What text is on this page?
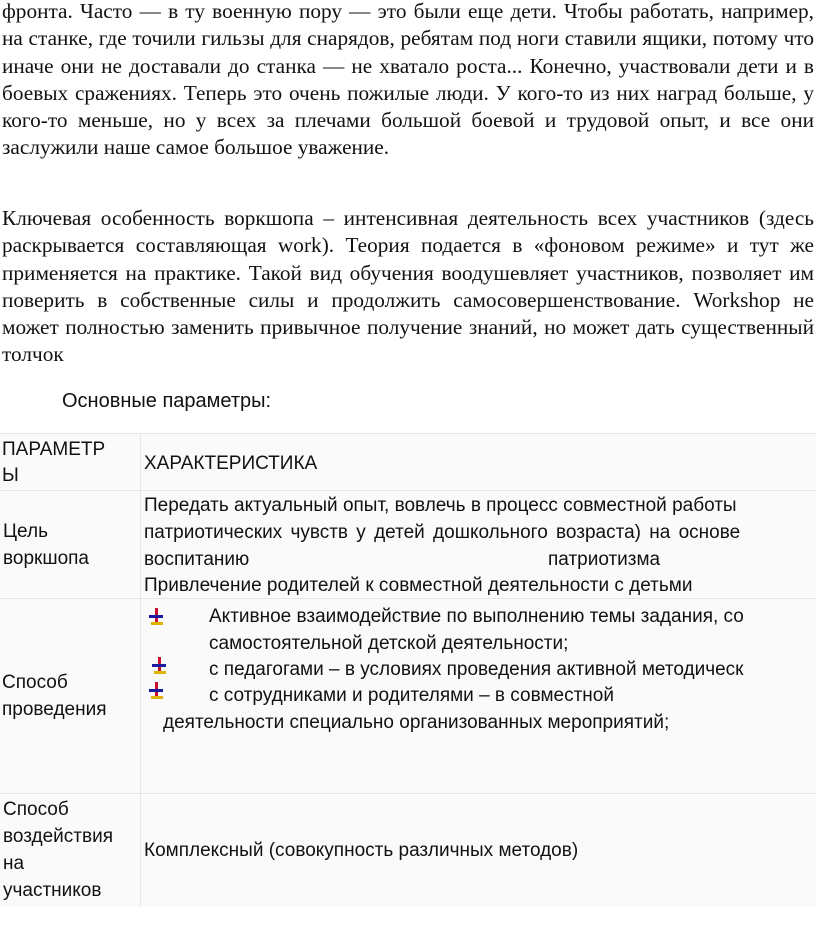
фронта. Часто — в ту военную пору — это были еще дети. Чтобы работать, например, на станке, где точили гильзы для снарядов, ребятам под ноги ставили ящики, потому что иначе они не доставали до станка — не хватало роста... Конечно, участвовали дети и в боевых сражениях. Теперь это очень пожилые люди. У кого-то из них наград больше, у кого-то меньше, но у всех за плечами большой боевой и трудовой опыт, и все они заслужили наше самое большое уважение.

Ключевая особенность воркшопа – интенсивная деятельность всех участников (здесь раскрывается составляющая work). Теория подается в «фоновом режиме» и тут же применяется на практике. Такой вид обучения воодушевляет участников, позволяет им поверить в собственные силы и продолжить самосовершенствование. Workshop не может полностью заменить привычное получение знаний, но может дать существенный толчок

Основные параметры:

ПАРАМЕТР
Ы
ХАРАКТЕРИСТИКА
Цель
воркшопа
Передать актуальный опыт, вовлечь в процесс совместной работы
патриотических чувств у детей дошкольного возраста) на основе
воспитанию	патриотизма
Привлечение родителей к совместной деятельности с детьми
Способ
проведения
Активное взаимодействие по выполнению темы задания, со
самостоятельной детской деятельности;
с педагогами – в условиях проведения активной методическ
с сотрудниками и родителями – в совместной
деятельности специально организованных мероприятий;
Способ
воздействия
на
участников
Комплексный (совокупность различных методов)
